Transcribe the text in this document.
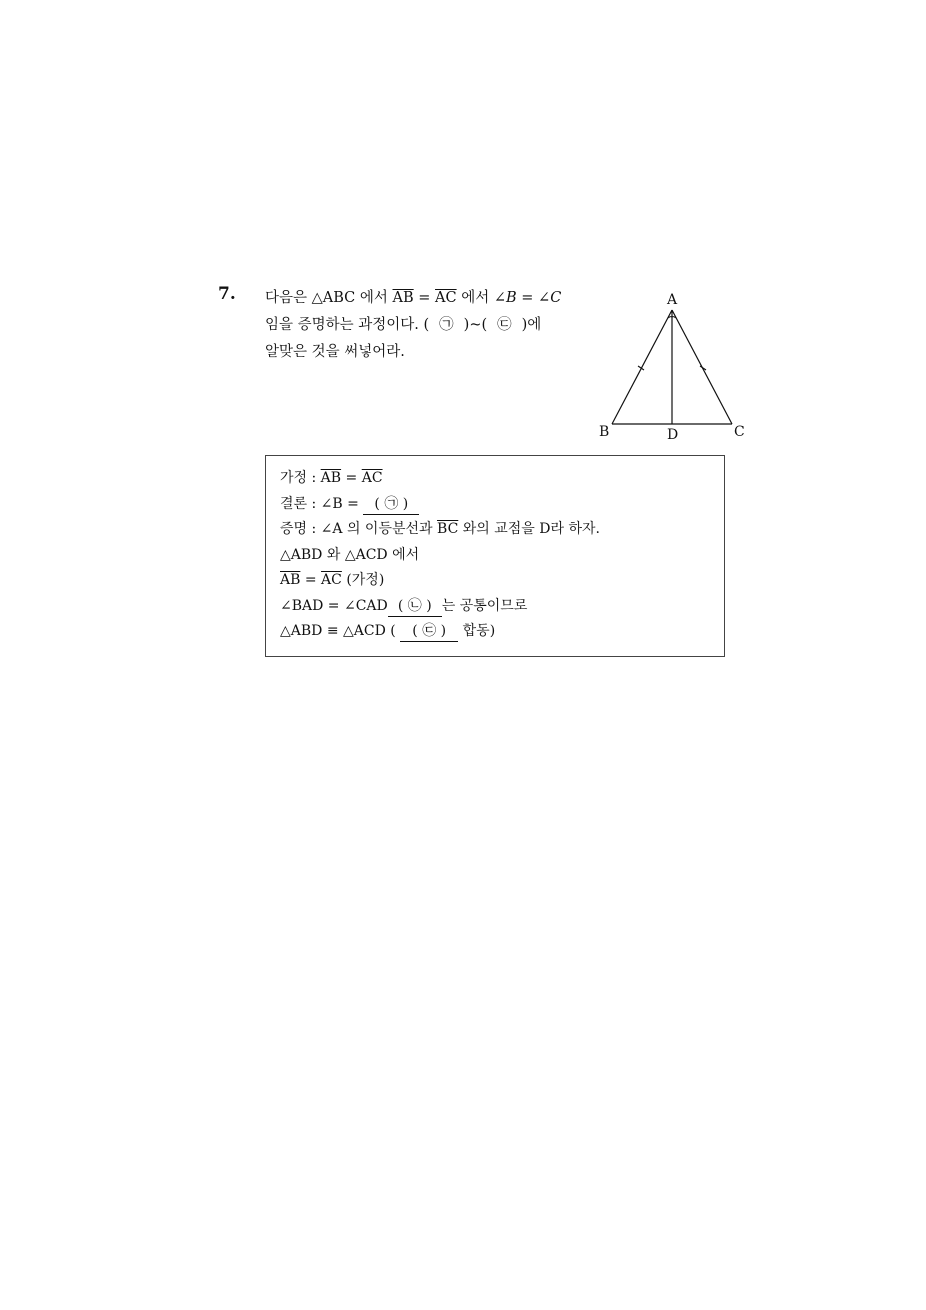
7. 다음은 △ABC 에서 $\overline{AB} = \overline{AC}$ 에서 ∠B = ∠C
임을 증명하는 과정이다. ( ㉠ )~( ㉢ )에
알맞은 것을 써넣어라.
A
B	C
D
가정 : $\overline{AB} = \overline{AC}$
결론 : ∠B = ( ㉠ )
증명 : ∠A 의 이등분선과 $\overline{BC}$ 와의 교점을 D라 하자.
△ABD 와 △ACD 에서
$\overline{AB} = \overline{AC}$ (가정)
∠BAD = ∠CAD ( ㉡ ) 는 공통이므로
△ABD ≡ △ACD ( ( ㉢ ) 합동)
